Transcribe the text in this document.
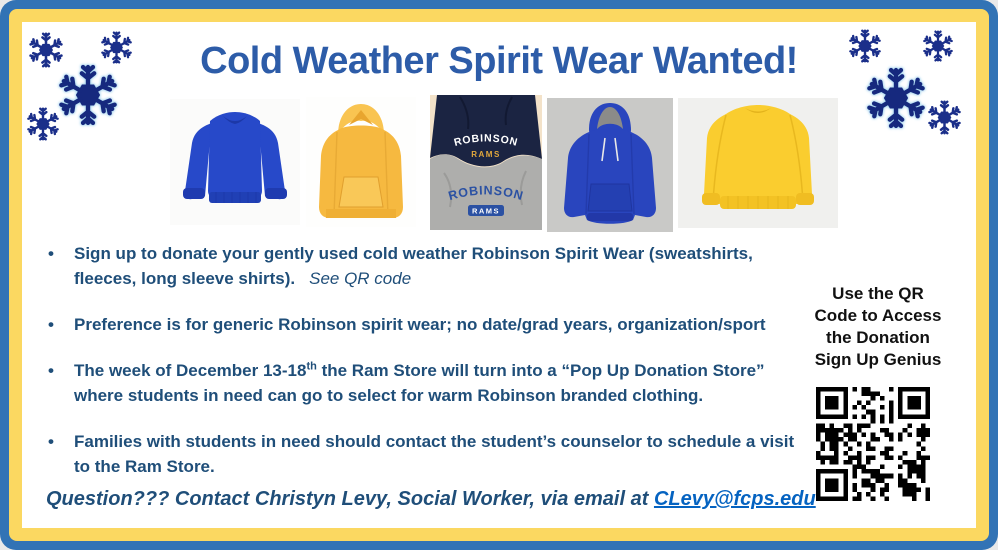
Cold Weather Spirit Wear Wanted!
ROBINSON
RAMS
ROBINSON
RAMS
• Sign up to donate your gently used cold weather Robinson Spirit Wear (sweatshirts, fleeces, long sleeve shirts). See QR code
• Preference is for generic Robinson spirit wear; no date/grad years, organization/sport
• The week of December 13-18th the Ram Store will turn into a “Pop Up Donation Store” where students in need can go to select for warm Robinson branded clothing.
• Families with students in need should contact the student’s counselor to schedule a visit to the Ram Store.
Use the QR
Code to Access
the Donation
Sign Up Genius
Question??? Contact Christyn Levy, Social Worker, via email at CLevy@fcps.edu
